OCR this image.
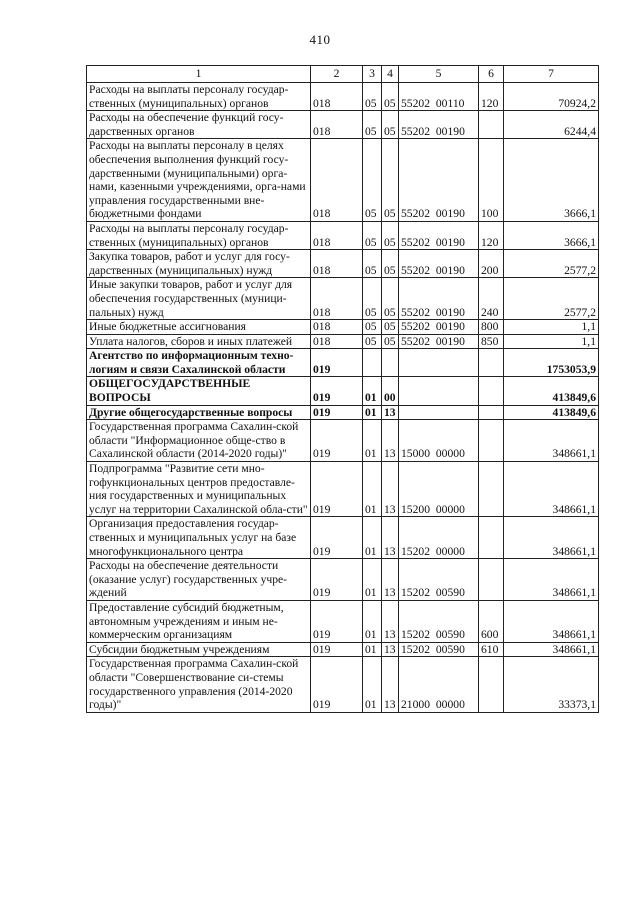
410
1	2	3	4	5	6	7
Расходы на выплаты персоналу государ-ственных (муниципальных) органов	018	05	05	55202 00110	120	70924,2
Расходы на обеспечение функций госу-дарственных органов	018	05	05	55202 00190		6244,4
Расходы на выплаты персоналу в целях обеспечения выполнения функций госу-дарственными (муниципальными) орга-нами, казенными учреждениями, орга-нами управления государственными вне-бюджетными фондами	018	05	05	55202 00190	100	3666,1
Расходы на выплаты персоналу государ-ственных (муниципальных) органов	018	05	05	55202 00190	120	3666,1
Закупка товаров, работ и услуг для госу-дарственных (муниципальных) нужд	018	05	05	55202 00190	200	2577,2
Иные закупки товаров, работ и услуг для обеспечения государственных (муници-пальных) нужд	018	05	05	55202 00190	240	2577,2
Иные бюджетные ассигнования	018	05	05	55202 00190	800	1,1
Уплата налогов, сборов и иных платежей	018	05	05	55202 00190	850	1,1
Агентство по информационным техно-логиям и связи Сахалинской области	019					1753053,9
ОБЩЕГОСУДАРСТВЕННЫЕ ВОПРОСЫ	019	01	00			413849,6
Другие общегосударственные вопросы	019	01	13			413849,6
Государственная программа Сахалин-ской области "Информационное обще-ство в Сахалинской области (2014-2020 годы)"	019	01	13	15000 00000		348661,1
Подпрограмма "Развитие сети мно-гофункциональных центров предоставле-ния государственных и муниципальных услуг на территории Сахалинской обла-сти"	019	01	13	15200 00000		348661,1
Организация предоставления государ-ственных и муниципальных услуг на базе многофункционального центра	019	01	13	15202 00000		348661,1
Расходы на обеспечение деятельности (оказание услуг) государственных учре-ждений	019	01	13	15202 00590		348661,1
Предоставление субсидий бюджетным, автономным учреждениям и иным не-коммерческим организациям	019	01	13	15202 00590	600	348661,1
Субсидии бюджетным учреждениям	019	01	13	15202 00590	610	348661,1
Государственная программа Сахалин-ской области "Совершенствование си-стемы государственного управления (2014-2020 годы)"	019	01	13	21000 00000		33373,1
